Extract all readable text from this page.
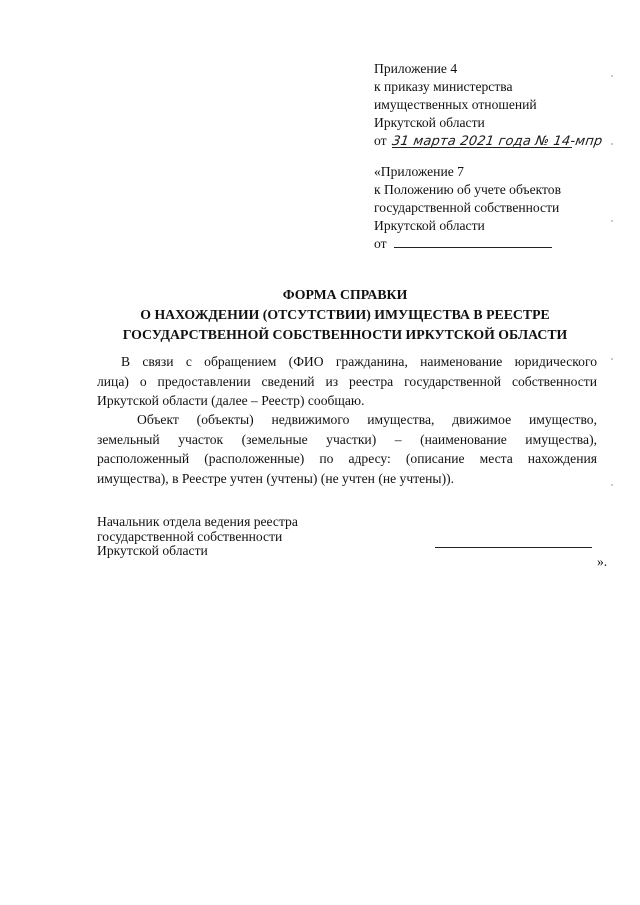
Приложение 4
к приказу министерства
имущественных отношений
Иркутской области
от 31 марта 2021 года № 14-мпр
«Приложение 7
к Положению об учете объектов
государственной собственности
Иркутской области
от
ФОРМА СПРАВКИ
О НАХОЖДЕНИИ (ОТСУТСТВИИ) ИМУЩЕСТВА В РЕЕСТРЕ
ГОСУДАРСТВЕННОЙ СОБСТВЕННОСТИ ИРКУТСКОЙ ОБЛАСТИ
В связи с обращением (ФИО гражданина, наименование юридического
лица) о предоставлении сведений из реестра государственной собственности
Иркутской области (далее – Реестр) сообщаю.
Объект (объекты) недвижимого имущества, движимое имущество,
земельный участок (земельные участки) – (наименование имущества),
расположенный (расположенные) по адресу: (описание места нахождения
имущества), в Реестре учтен (учтены) (не учтен (не учтены)).
Начальник отдела ведения реестра
государственной собственности
Иркутской области
».
